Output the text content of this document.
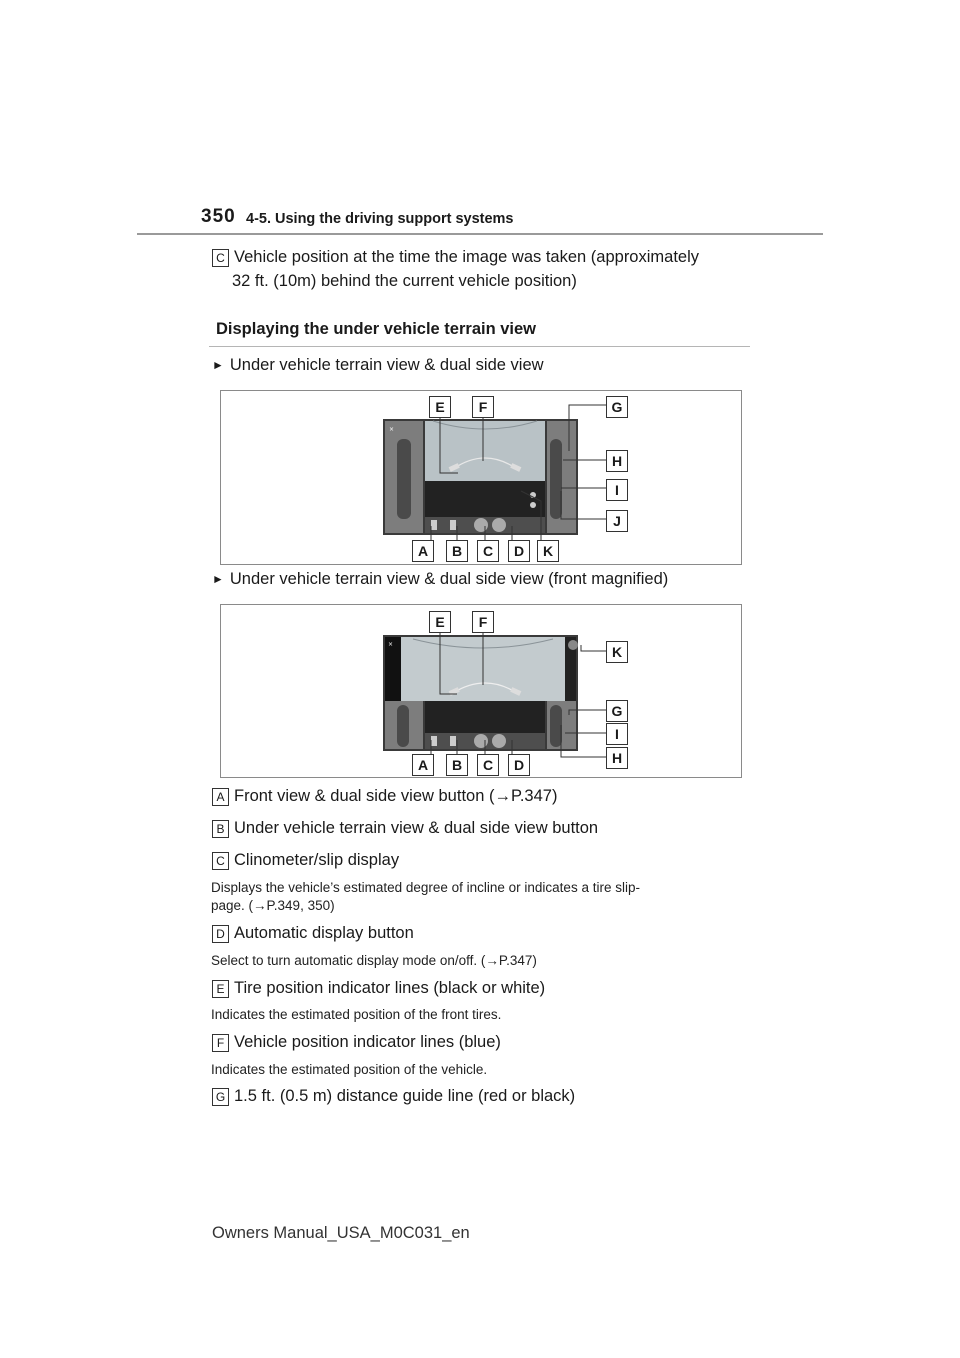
350 4-5. Using the driving support systems
C Vehicle position at the time the image was taken (approximately
32 ft. (10m) behind the current vehicle position)
Displaying the under vehicle terrain view
► Under vehicle terrain view & dual side view
×
E	F	G
H
I
J
A	B	C	D	K
► Under vehicle terrain view & dual side view (front magnified)
×
E	F
K
G
I
H
A	B	C	D
A Front view & dual side view button (→P.347)
B Under vehicle terrain view & dual side view button
C Clinometer/slip display
Displays the vehicle’s estimated degree of incline or indicates a tire slip-
page. (→P.349, 350)
D Automatic display button
Select to turn automatic display mode on/off. (→P.347)
E Tire position indicator lines (black or white)
Indicates the estimated position of the front tires.
F Vehicle position indicator lines (blue)
Indicates the estimated position of the vehicle.
G 1.5 ft. (0.5 m) distance guide line (red or black)
Owners Manual_USA_M0C031_en
